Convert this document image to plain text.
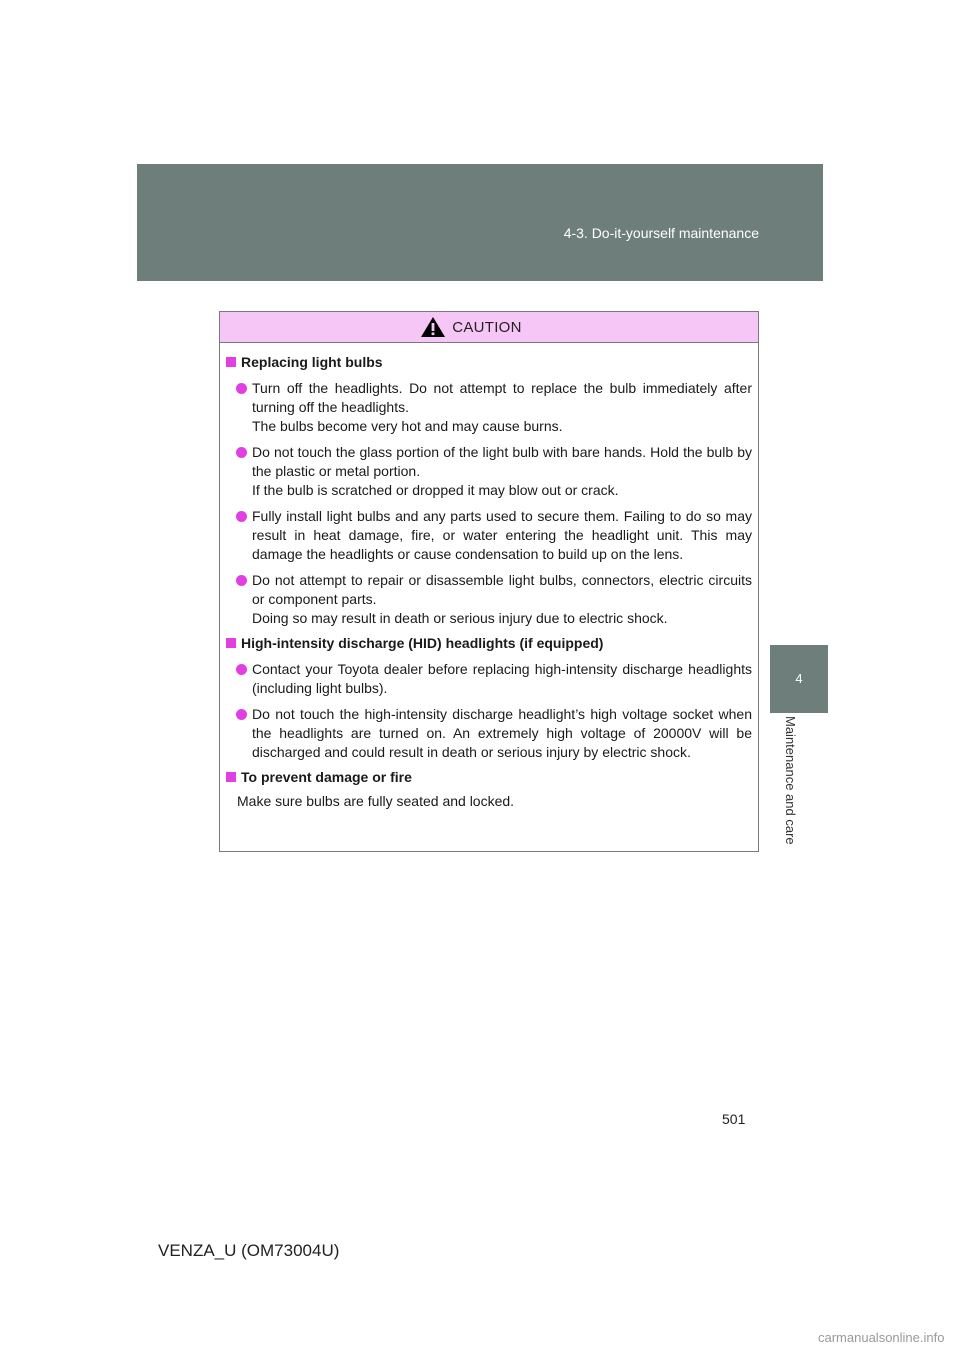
4-3. Do-it-yourself maintenance
4
Maintenance and care
CAUTION
Replacing light bulbs
Turn off the headlights. Do not attempt to replace the bulb immediately after turning off the headlights.
The bulbs become very hot and may cause burns.
Do not touch the glass portion of the light bulb with bare hands. Hold the bulb by the plastic or metal portion.
If the bulb is scratched or dropped it may blow out or crack.
Fully install light bulbs and any parts used to secure them. Failing to do so may result in heat damage, fire, or water entering the headlight unit. This may damage the headlights or cause condensation to build up on the lens.
Do not attempt to repair or disassemble light bulbs, connectors, electric circuits or component parts.
Doing so may result in death or serious injury due to electric shock.
High-intensity discharge (HID) headlights (if equipped)
Contact your Toyota dealer before replacing high-intensity discharge headlights (including light bulbs).
Do not touch the high-intensity discharge headlight’s high voltage socket when the headlights are turned on. An extremely high voltage of 20000V will be discharged and could result in death or serious injury by electric shock.
To prevent damage or fire
Make sure bulbs are fully seated and locked.
501
VENZA_U (OM73004U)
carmanualsonline.info
